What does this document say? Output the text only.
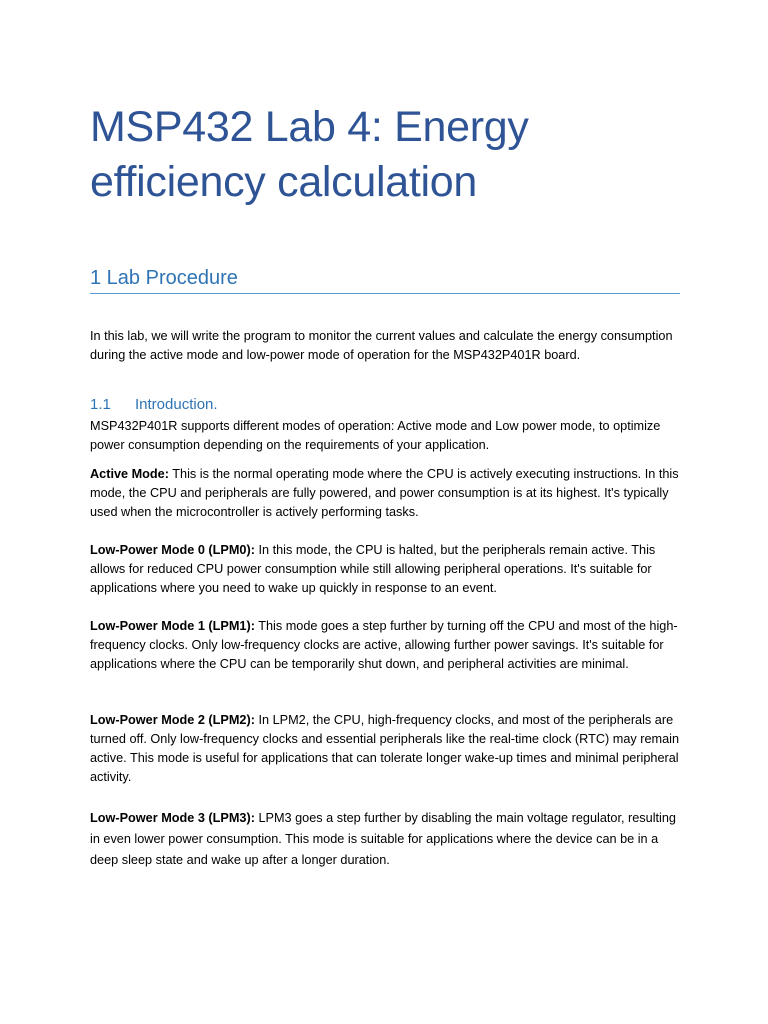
MSP432 Lab 4: Energy efficiency calculation
1 Lab Procedure

In this lab, we will write the program to monitor the current values and calculate the energy consumption during the active mode and low-power mode of operation for the MSP432P401R board.

1.1 Introduction.

MSP432P401R supports different modes of operation: Active mode and Low power mode, to optimize power consumption depending on the requirements of your application.

Active Mode: This is the normal operating mode where the CPU is actively executing instructions. In this mode, the CPU and peripherals are fully powered, and power consumption is at its highest. It's typically used when the microcontroller is actively performing tasks.

Low-Power Mode 0 (LPM0): In this mode, the CPU is halted, but the peripherals remain active. This allows for reduced CPU power consumption while still allowing peripheral operations. It's suitable for applications where you need to wake up quickly in response to an event.

Low-Power Mode 1 (LPM1): This mode goes a step further by turning off the CPU and most of the high-frequency clocks. Only low-frequency clocks are active, allowing further power savings. It's suitable for applications where the CPU can be temporarily shut down, and peripheral activities are minimal.

Low-Power Mode 2 (LPM2): In LPM2, the CPU, high-frequency clocks, and most of the peripherals are turned off. Only low-frequency clocks and essential peripherals like the real-time clock (RTC) may remain active. This mode is useful for applications that can tolerate longer wake-up times and minimal peripheral activity.

Low-Power Mode 3 (LPM3): LPM3 goes a step further by disabling the main voltage regulator, resulting in even lower power consumption. This mode is suitable for applications where the device can be in a deep sleep state and wake up after a longer duration.
